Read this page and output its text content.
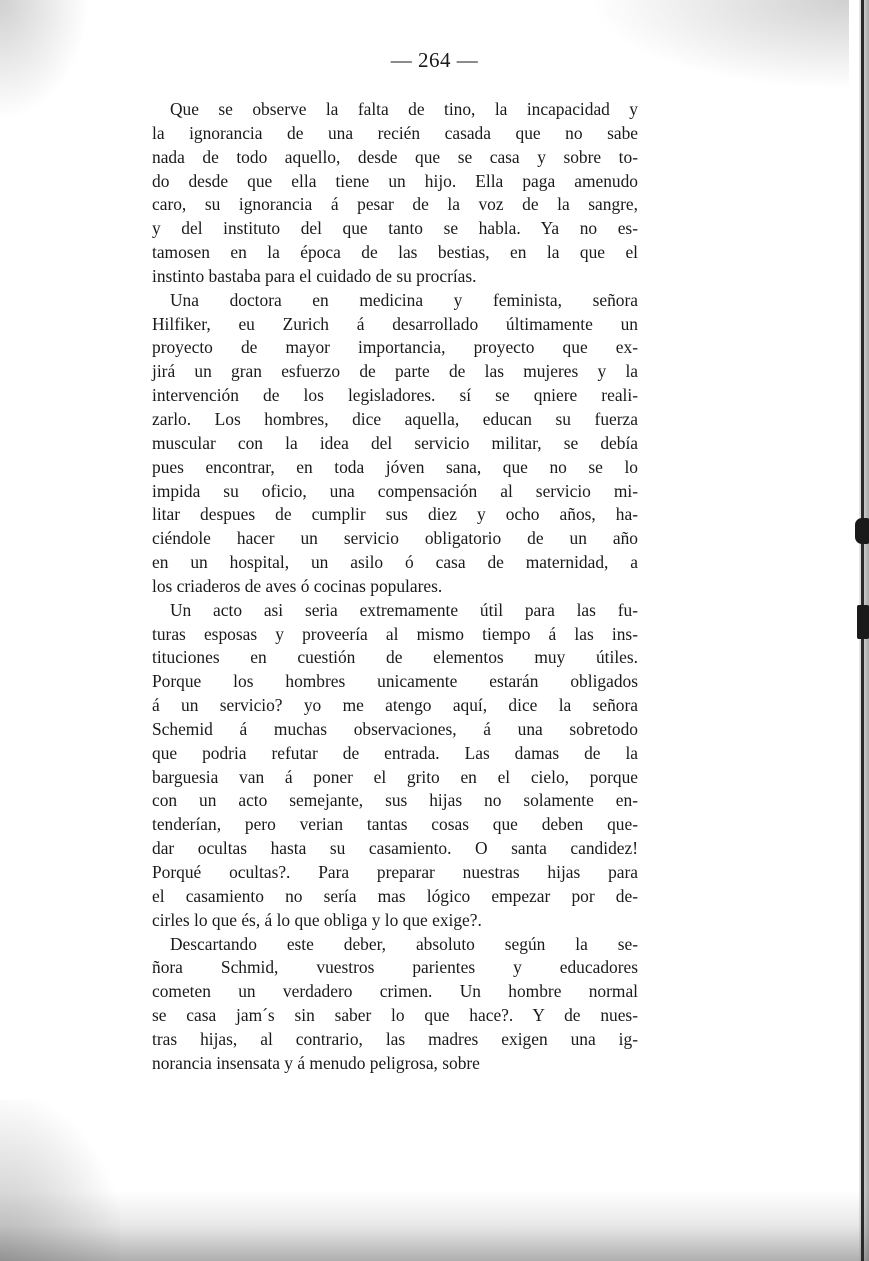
— 264 —
Que se observe la falta de tino, la incapacidad y
la ignorancia de una recién casada que no sabe
nada de todo aquello, desde que se casa y sobre to-
do desde que ella tiene un hijo. Ella paga amenudo
caro, su ignorancia á pesar de la voz de la sangre,
y del instituto del que tanto se habla. Ya no es-
tamosen en la época de las bestias, en la que el
instinto bastaba para el cuidado de su procrías.
Una doctora en medicina y feminista, señora
Hilfiker, eu Zurich á desarrollado últimamente un
proyecto de mayor importancia, proyecto que ex-
jirá un gran esfuerzo de parte de las mujeres y la
intervención de los legisladores. sí se qniere reali-
zarlo. Los hombres, dice aquella, educan su fuerza
muscular con la idea del servicio militar, se debía
pues encontrar, en toda jóven sana, que no se lo
impida su oficio, una compensación al servicio mi-
litar despues de cumplir sus diez y ocho años, ha-
ciéndole hacer un servicio obligatorio de un año
en un hospital, un asilo ó casa de maternidad, a
los criaderos de aves ó cocinas populares.
Un acto asi seria extremamente útil para las fu-
turas esposas y proveería al mismo tiempo á las ins-
tituciones en cuestión de elementos muy útiles.
Porque los hombres unicamente estarán obligados
á un servicio? yo me atengo aquí, dice la señora
Schemid á muchas observaciones, á una sobretodo
que podria refutar de entrada. Las damas de la
barguesia van á poner el grito en el cielo, porque
con un acto semejante, sus hijas no solamente en-
tenderían, pero verian tantas cosas que deben que-
dar ocultas hasta su casamiento. O santa candidez!
Porqué ocultas?. Para preparar nuestras hijas para
el casamiento no sería mas lógico empezar por de-
cirles lo que és, á lo que obliga y lo que exige?.
Descartando este deber, absoluto según la se-
ñora Schmid, vuestros parientes y educadores
cometen un verdadero crimen. Un hombre normal
se casa jam´s sin saber lo que hace?. Y de nues-
tras hijas, al contrario, las madres exigen una ig-
norancia insensata y á menudo peligrosa, sobre
